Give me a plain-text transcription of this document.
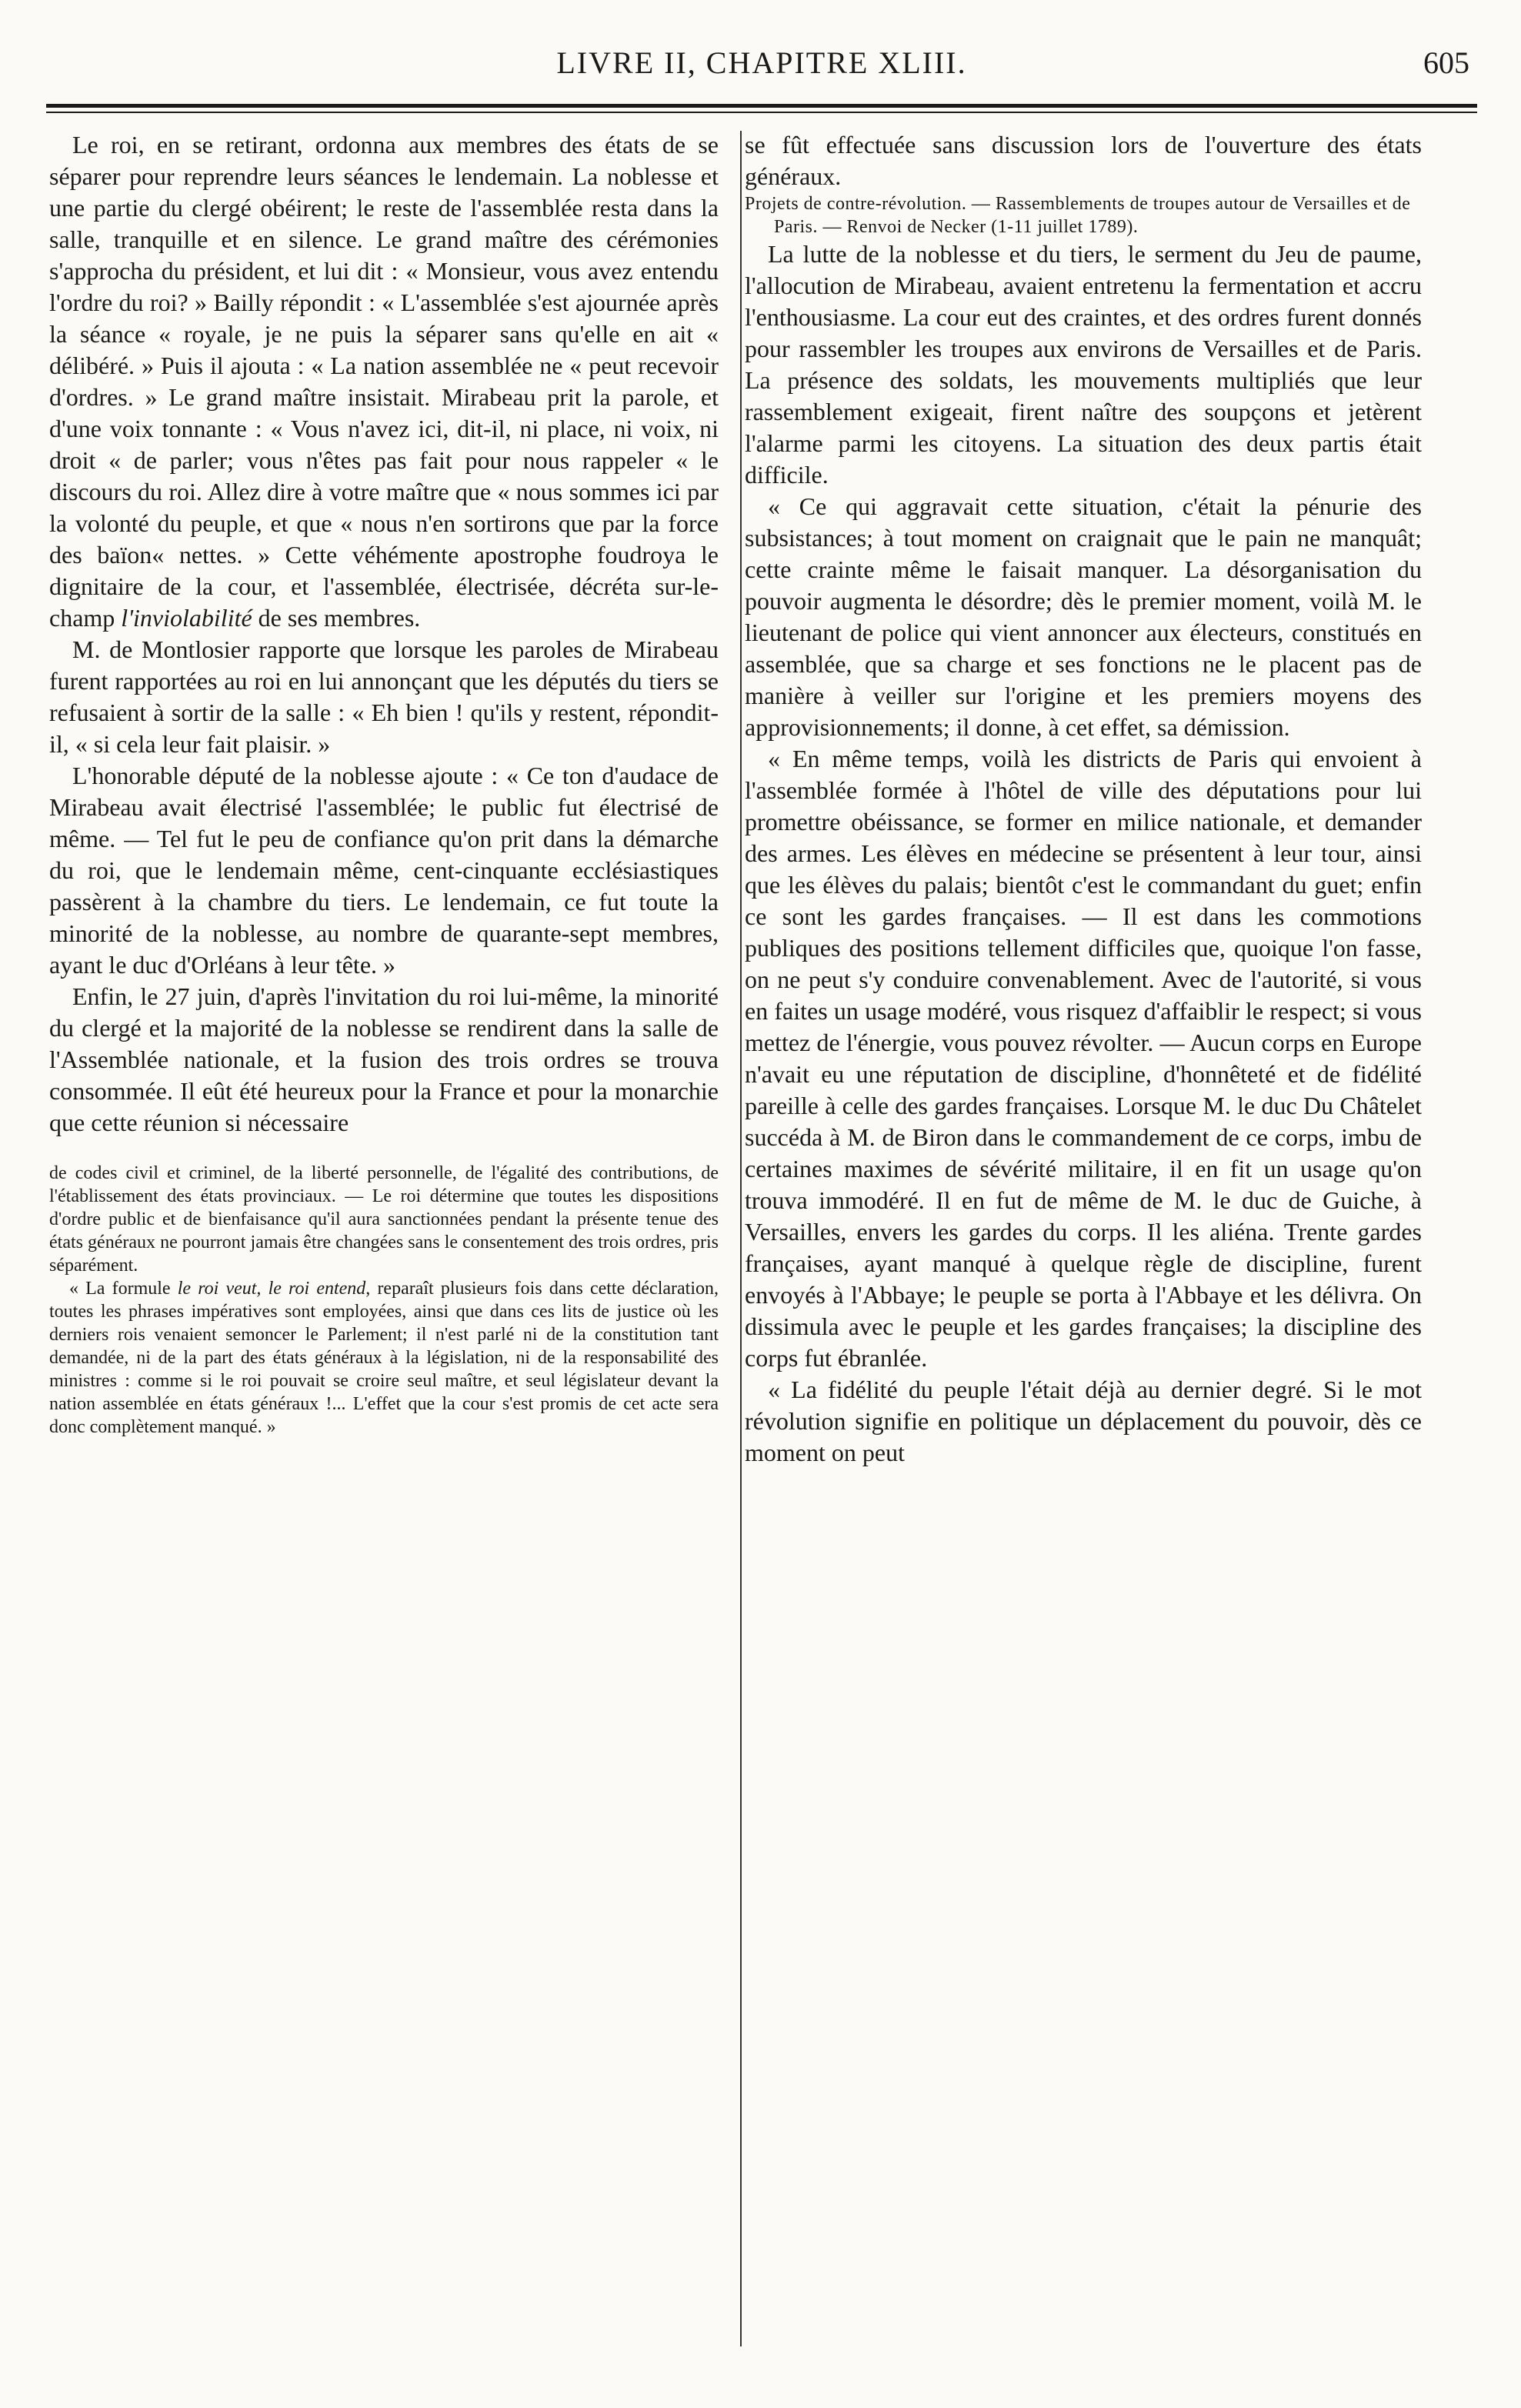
LIVRE II, CHAPITRE XLIII.	605

Le roi, en se retirant, ordonna aux membres des états de se séparer pour reprendre leurs séances le lendemain. La noblesse et une partie du clergé obéirent; le reste de l'assemblée resta dans la salle, tranquille et en silence. Le grand maître des cérémonies s'approcha du président, et lui dit : « Monsieur, vous avez entendu l'ordre du roi? » Bailly répondit : « L'assemblée s'est ajournée après la séance « royale, je ne puis la séparer sans qu'elle en ait « délibéré. » Puis il ajouta : « La nation assemblée ne « peut recevoir d'ordres. » Le grand maître insistait. Mirabeau prit la parole, et d'une voix tonnante : « Vous n'avez ici, dit-il, ni place, ni voix, ni droit « de parler; vous n'êtes pas fait pour nous rappeler « le discours du roi. Allez dire à votre maître que « nous sommes ici par la volonté du peuple, et que « nous n'en sortirons que par la force des baïon« nettes. » Cette véhémente apostrophe foudroya le dignitaire de la cour, et l'assemblée, électrisée, décréta sur-le-champ l'inviolabilité de ses membres.

M. de Montlosier rapporte que lorsque les paroles de Mirabeau furent rapportées au roi en lui annonçant que les députés du tiers se refusaient à sortir de la salle : « Eh bien ! qu'ils y restent, répondit-il, « si cela leur fait plaisir. »

L'honorable député de la noblesse ajoute : « Ce ton d'audace de Mirabeau avait électrisé l'assemblée; le public fut électrisé de même. — Tel fut le peu de confiance qu'on prit dans la démarche du roi, que le lendemain même, cent-cinquante ecclésiastiques passèrent à la chambre du tiers. Le lendemain, ce fut toute la minorité de la noblesse, au nombre de quarante-sept membres, ayant le duc d'Orléans à leur tête. »

Enfin, le 27 juin, d'après l'invitation du roi lui-même, la minorité du clergé et la majorité de la noblesse se rendirent dans la salle de l'Assemblée nationale, et la fusion des trois ordres se trouva consommée. Il eût été heureux pour la France et pour la monarchie que cette réunion si nécessaire

de codes civil et criminel, de la liberté personnelle, de l'égalité des contributions, de l'établissement des états provinciaux. — Le roi détermine que toutes les dispositions d'ordre public et de bienfaisance qu'il aura sanctionnées pendant la présente tenue des états généraux ne pourront jamais être changées sans le consentement des trois ordres, pris séparément.

« La formule le roi veut, le roi entend, reparaît plusieurs fois dans cette déclaration, toutes les phrases impératives sont employées, ainsi que dans ces lits de justice où les derniers rois venaient semoncer le Parlement; il n'est parlé ni de la constitution tant demandée, ni de la part des états généraux à la législation, ni de la responsabilité des ministres : comme si le roi pouvait se croire seul maître, et seul législateur devant la nation assemblée en états généraux !... L'effet que la cour s'est promis de cet acte sera donc complètement manqué. »

se fût effectuée sans discussion lors de l'ouverture des états généraux.

Projets de contre-révolution. — Rassemblements de troupes autour de Versailles et de Paris. — Renvoi de Necker (1-11 juillet 1789).

La lutte de la noblesse et du tiers, le serment du Jeu de paume, l'allocution de Mirabeau, avaient entretenu la fermentation et accru l'enthousiasme. La cour eut des craintes, et des ordres furent donnés pour rassembler les troupes aux environs de Versailles et de Paris. La présence des soldats, les mouvements multipliés que leur rassemblement exigeait, firent naître des soupçons et jetèrent l'alarme parmi les citoyens. La situation des deux partis était difficile.

« Ce qui aggravait cette situation, c'était la pénurie des subsistances; à tout moment on craignait que le pain ne manquât; cette crainte même le faisait manquer. La désorganisation du pouvoir augmenta le désordre; dès le premier moment, voilà M. le lieutenant de police qui vient annoncer aux électeurs, constitués en assemblée, que sa charge et ses fonctions ne le placent pas de manière à veiller sur l'origine et les premiers moyens des approvisionnements; il donne, à cet effet, sa démission.

« En même temps, voilà les districts de Paris qui envoient à l'assemblée formée à l'hôtel de ville des députations pour lui promettre obéissance, se former en milice nationale, et demander des armes. Les élèves en médecine se présentent à leur tour, ainsi que les élèves du palais; bientôt c'est le commandant du guet; enfin ce sont les gardes françaises. — Il est dans les commotions publiques des positions tellement difficiles que, quoique l'on fasse, on ne peut s'y conduire convenablement. Avec de l'autorité, si vous en faites un usage modéré, vous risquez d'affaiblir le respect; si vous mettez de l'énergie, vous pouvez révolter. — Aucun corps en Europe n'avait eu une réputation de discipline, d'honnêteté et de fidélité pareille à celle des gardes françaises. Lorsque M. le duc Du Châtelet succéda à M. de Biron dans le commandement de ce corps, imbu de certaines maximes de sévérité militaire, il en fit un usage qu'on trouva immodéré. Il en fut de même de M. le duc de Guiche, à Versailles, envers les gardes du corps. Il les aliéna. Trente gardes françaises, ayant manqué à quelque règle de discipline, furent envoyés à l'Abbaye; le peuple se porta à l'Abbaye et les délivra. On dissimula avec le peuple et les gardes françaises; la discipline des corps fut ébranlée.

« La fidélité du peuple l'était déjà au dernier degré. Si le mot révolution signifie en politique un déplacement du pouvoir, dès ce moment on peut
